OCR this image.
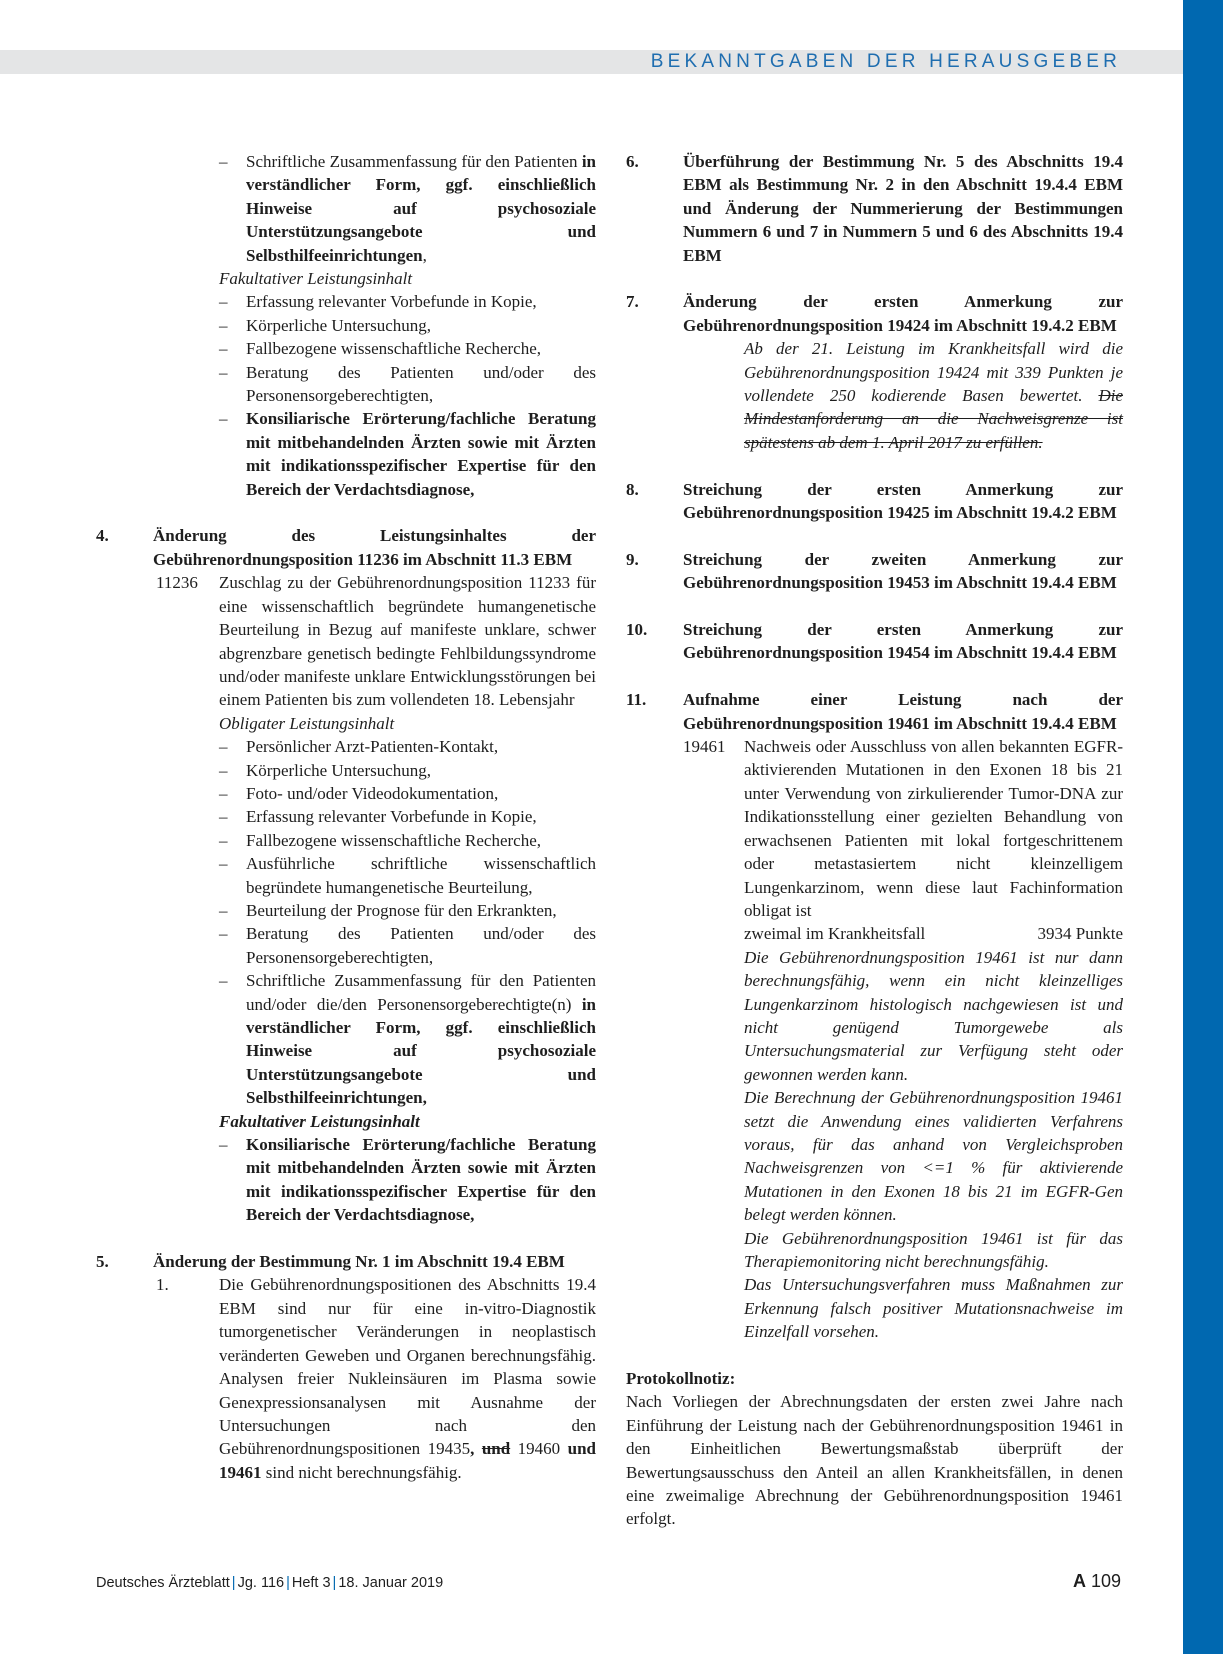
BEKANNTGABEN DER HERAUSGEBER
– Schriftliche Zusammenfassung für den Patienten in verständlicher Form, ggf. einschließlich Hinweise auf psychosoziale Unterstützungsangebote und Selbsthilfeeinrichtungen,
Fakultativer Leistungsinhalt
– Erfassung relevanter Vorbefunde in Kopie,
– Körperliche Untersuchung,
– Fallbezogene wissenschaftliche Recherche,
– Beratung des Patienten und/oder des Personensorgeberechtigten,
– Konsiliarische Erörterung/fachliche Beratung mit mitbehandelnden Ärzten sowie mit Ärzten mit indikationsspezifischer Expertise für den Bereich der Verdachtsdiagnose,
4.	Änderung des Leistungsinhaltes der Gebührenordnungsposition 11236 im Abschnitt 11.3 EBM
11236 Zuschlag zu der Gebührenordnungsposition 11233 für eine wissenschaftlich begründete humangenetische Beurteilung in Bezug auf manifeste unklare, schwer abgrenzbare genetisch bedingte Fehlbildungssyndrome und/oder manifeste unklare Entwicklungsstörungen bei einem Patienten bis zum vollendeten 18. Lebensjahr
Obligater Leistungsinhalt
– Persönlicher Arzt-Patienten-Kontakt,
– Körperliche Untersuchung,
– Foto- und/oder Videodokumentation,
– Erfassung relevanter Vorbefunde in Kopie,
– Fallbezogene wissenschaftliche Recherche,
– Ausführliche schriftliche wissenschaftlich begründete humangenetische Beurteilung,
– Beurteilung der Prognose für den Erkrankten,
– Beratung des Patienten und/oder des Personensorgeberechtigten,
– Schriftliche Zusammenfassung für den Patienten und/oder die/den Personensorgeberechtigte(n) in verständlicher Form, ggf. einschließlich Hinweise auf psychosoziale Unterstützungsangebote und Selbsthilfeeinrichtungen,
Fakultativer Leistungsinhalt
– Konsiliarische Erörterung/fachliche Beratung mit mitbehandelnden Ärzten sowie mit Ärzten mit indikationsspezifischer Expertise für den Bereich der Verdachtsdiagnose,
5.	Änderung der Bestimmung Nr. 1 im Abschnitt 19.4 EBM
1.	Die Gebührenordnungspositionen des Abschnitts 19.4 EBM sind nur für eine in-vitro-Diagnostik tumorgenetischer Veränderungen in neoplastisch veränderten Geweben und Organen berechnungsfähig. Analysen freier Nukleinsäuren im Plasma sowie Genexpressionsanalysen mit Ausnahme der Untersuchungen nach den Gebührenordnungspositionen 19435, und 19460 und 19461 sind nicht berechnungsfähig.
6.	Überführung der Bestimmung Nr. 5 des Abschnitts 19.4 EBM als Bestimmung Nr. 2 in den Abschnitt 19.4.4 EBM und Änderung der Nummerierung der Bestimmungen Nummern 6 und 7 in Nummern 5 und 6 des Abschnitts 19.4 EBM
7.	Änderung der ersten Anmerkung zur Gebührenordnungsposition 19424 im Abschnitt 19.4.2 EBM
Ab der 21. Leistung im Krankheitsfall wird die Gebührenordnungsposition 19424 mit 339 Punkten je vollendete 250 kodierende Basen bewertet. Die Mindestanforderung an die Nachweisgrenze ist spätestens ab dem 1. April 2017 zu erfüllen.
8.	Streichung der ersten Anmerkung zur Gebührenordnungsposition 19425 im Abschnitt 19.4.2 EBM
9.	Streichung der zweiten Anmerkung zur Gebührenordnungsposition 19453 im Abschnitt 19.4.4 EBM
10.	Streichung der ersten Anmerkung zur Gebührenordnungsposition 19454 im Abschnitt 19.4.4 EBM
11.	Aufnahme einer Leistung nach der Gebührenordnungsposition 19461 im Abschnitt 19.4.4 EBM
19461 Nachweis oder Ausschluss von allen bekannten EGFR-aktivierenden Mutationen in den Exonen 18 bis 21 unter Verwendung von zirkulierender Tumor-DNA zur Indikationsstellung einer gezielten Behandlung von erwachsenen Patienten mit lokal fortgeschrittenem oder metastasiertem nicht kleinzelligem Lungenkarzinom, wenn diese laut Fachinformation obligat ist
zweimal im Krankheitsfall	3934 Punkte
Die Gebührenordnungsposition 19461 ist nur dann berechnungsfähig, wenn ein nicht kleinzelliges Lungenkarzinom histologisch nachgewiesen ist und nicht genügend Tumorgewebe als Untersuchungsmaterial zur Verfügung steht oder gewonnen werden kann.
Die Berechnung der Gebührenordnungsposition 19461 setzt die Anwendung eines validierten Verfahrens voraus, für das anhand von Vergleichsproben Nachweisgrenzen von <=1 % für aktivierende Mutationen in den Exonen 18 bis 21 im EGFR-Gen belegt werden können.
Die Gebührenordnungsposition 19461 ist für das Therapiemonitoring nicht berechnungsfähig.
Das Untersuchungsverfahren muss Maßnahmen zur Erkennung falsch positiver Mutationsnachweise im Einzelfall vorsehen.
Protokollnotiz:
Nach Vorliegen der Abrechnungsdaten der ersten zwei Jahre nach Einführung der Leistung nach der Gebührenordnungsposition 19461 in den Einheitlichen Bewertungsmaßstab überprüft der Bewertungsausschuss den Anteil an allen Krankheitsfällen, in denen eine zweimalige Abrechnung der Gebührenordnungsposition 19461 erfolgt.
Deutsches Ärzteblatt | Jg. 116 | Heft 3 | 18. Januar 2019	A 109
